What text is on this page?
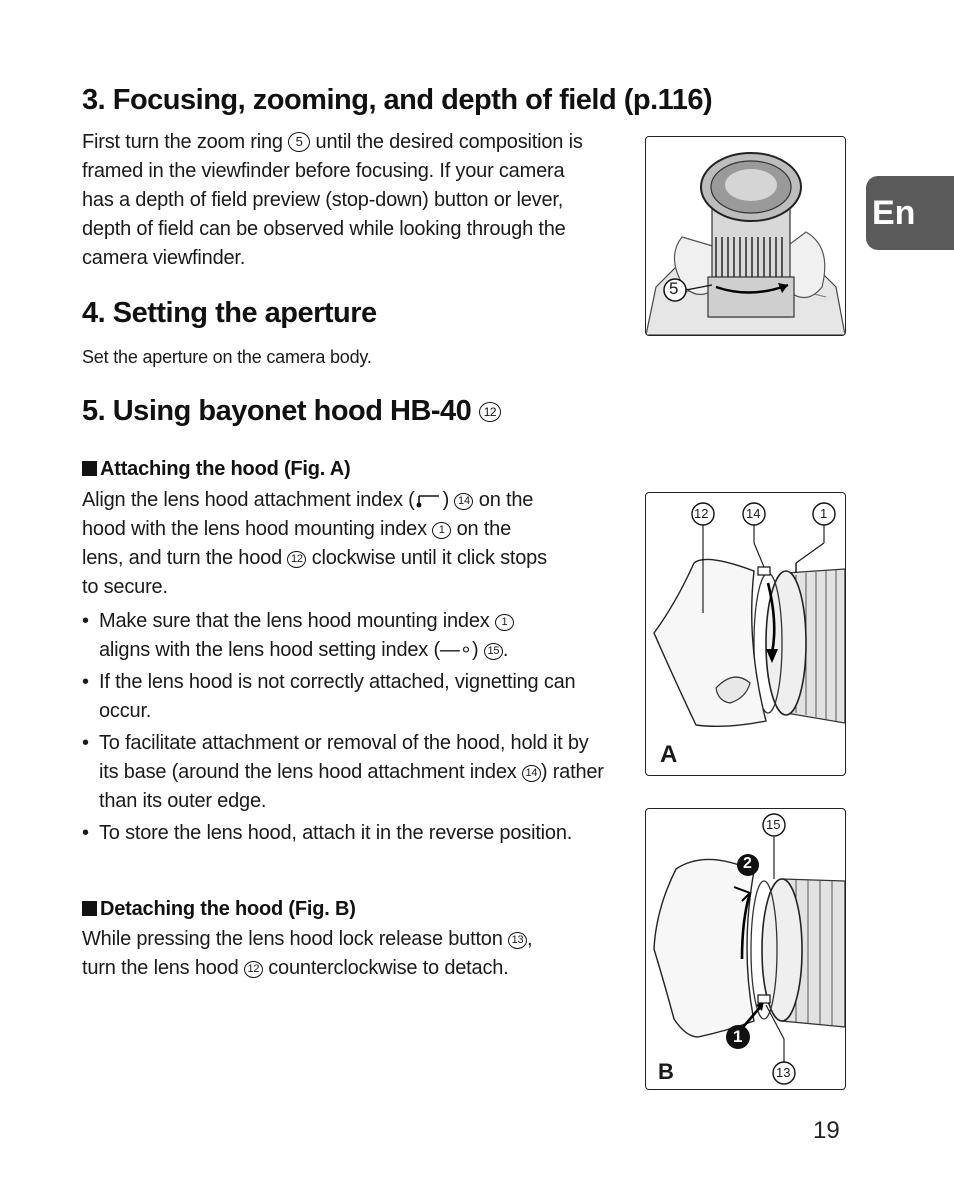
En
3. Focusing, zooming, and depth of field (p.116)

First turn the zoom ring 5 until the desired composition is
framed in the viewfinder before focusing. If your camera
has a depth of field preview (stop-down) button or lever,
depth of field can be observed while looking through the
camera viewfinder.

5
4. Setting the aperture

Set the aperture on the camera body.

5. Using bayonet hood HB-40 12

Attaching the hood (Fig. A)

Align the lens hood attachment index ( ) 14 on the
hood with the lens hood mounting index 1 on the
lens, and turn the hood 12 clockwise until it click stops
to secure.

• Make sure that the lens hood mounting index 1
aligns with the lens hood setting index (—∘) 15 .
• If the lens hood is not correctly attached, vignetting can occur.
• To facilitate attachment or removal of the hood, hold it by its base (around the lens hood attachment index 14 ) rather than its outer edge.
• To store the lens hood, attach it in the reverse position.

Detaching the hood (Fig. B)

While pressing the lens hood lock release button 13 ,
turn the lens hood 12 counterclockwise to detach.

12	14	1
A
15
2
1
13
B
19
